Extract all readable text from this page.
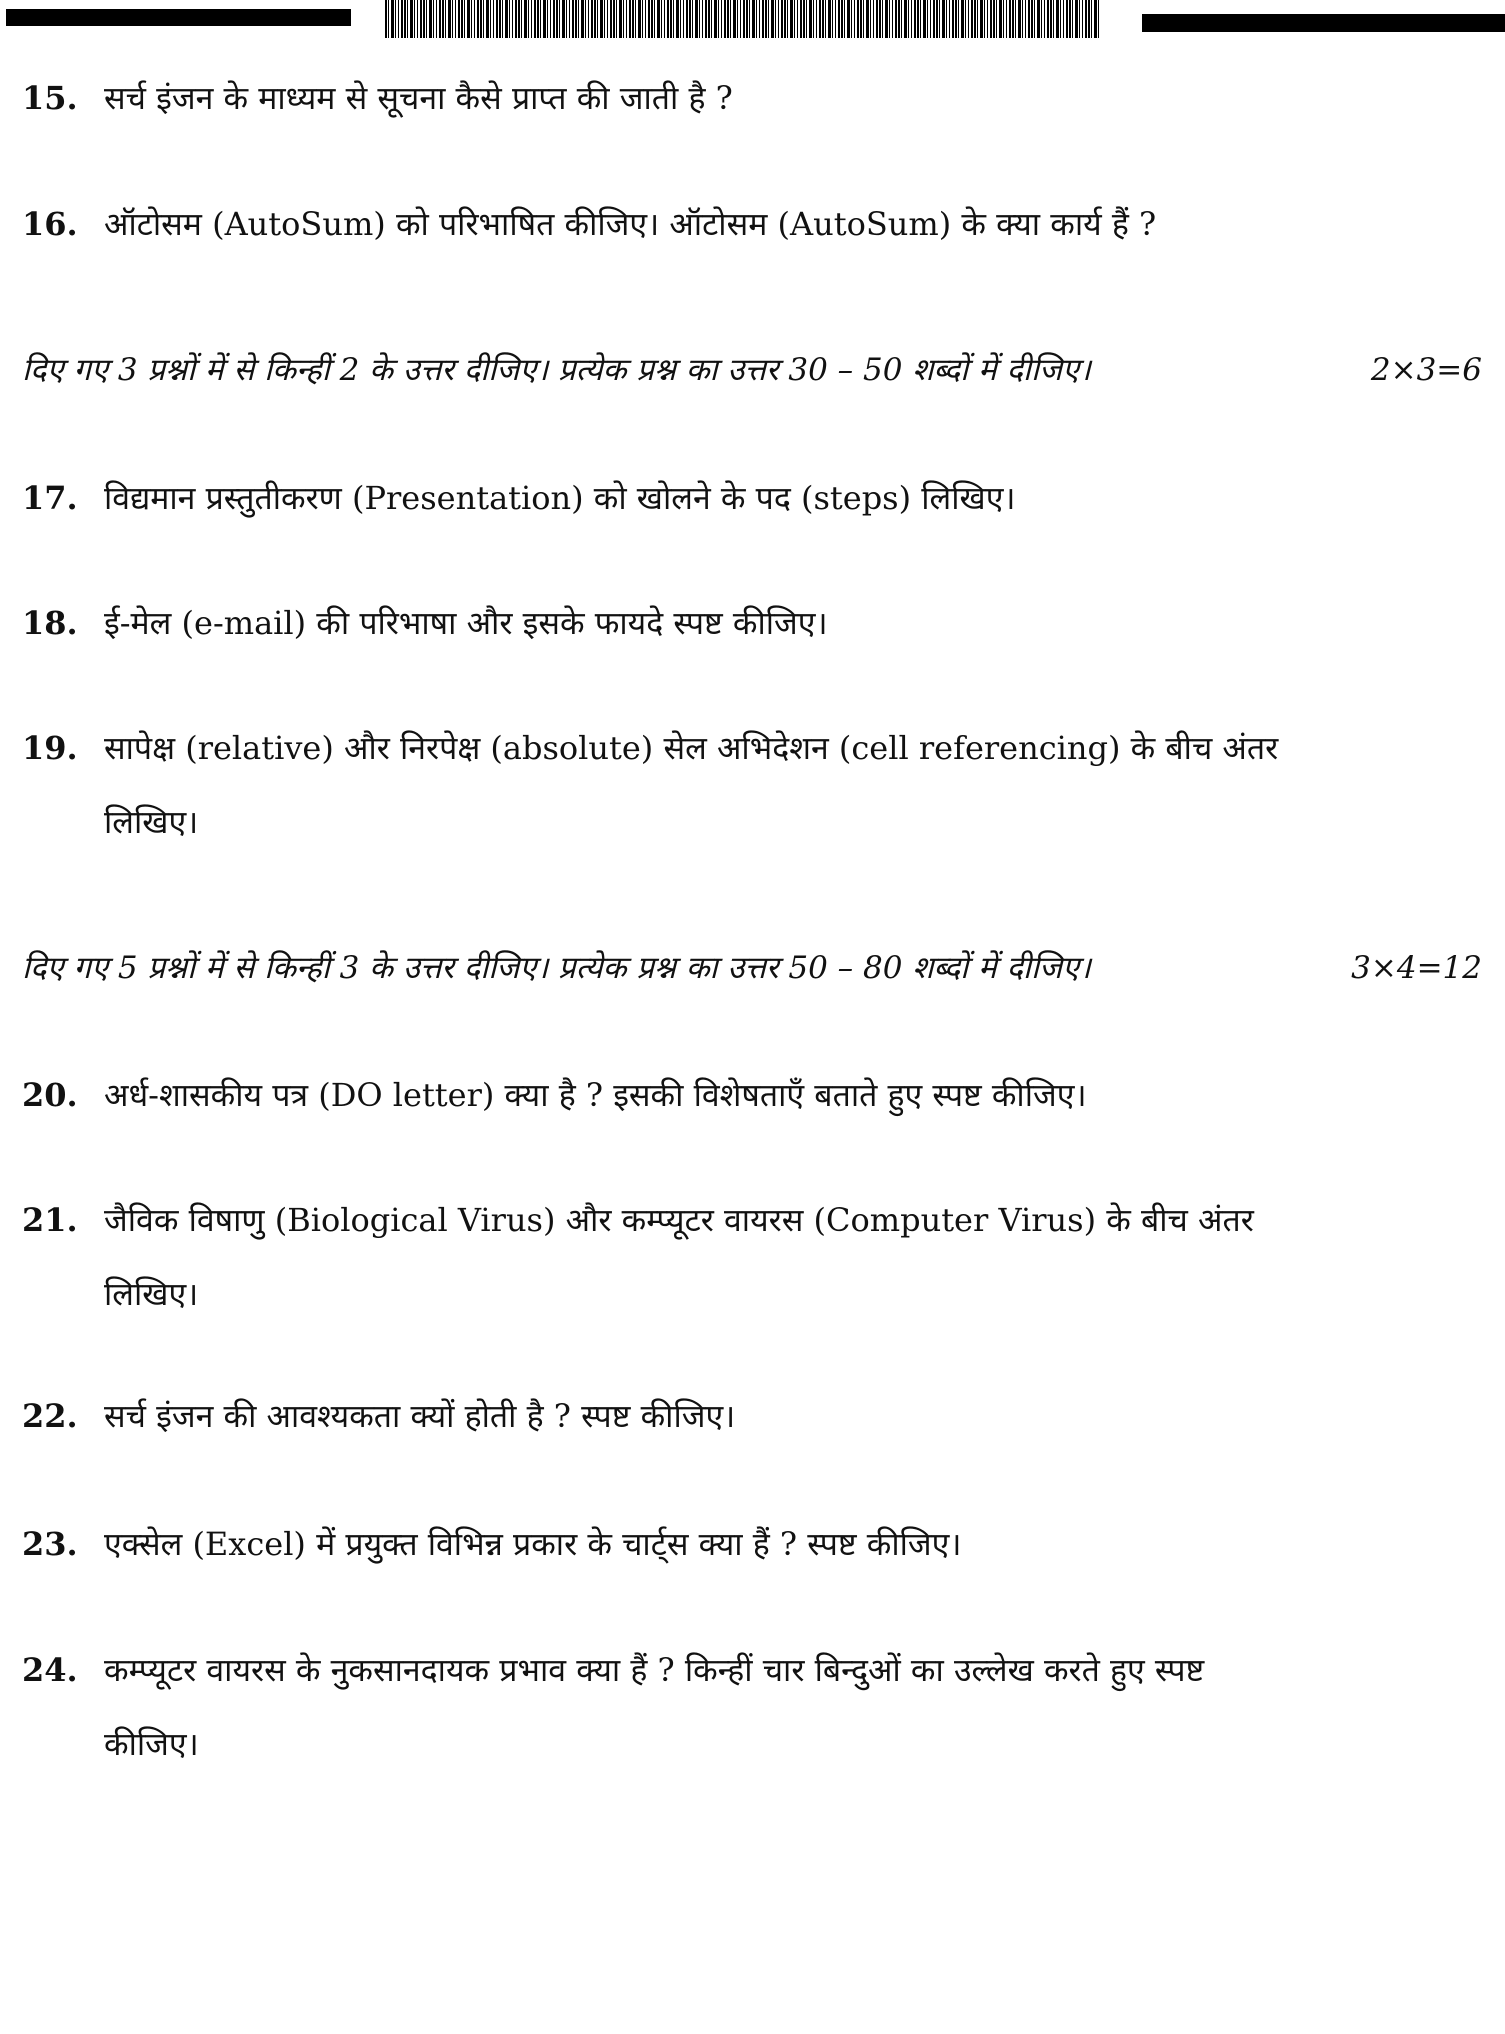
15. सर्च इंजन के माध्यम से सूचना कैसे प्राप्त की जाती है ?
16. ऑटोसम (AutoSum) को परिभाषित कीजिए। ऑटोसम (AutoSum) के क्या कार्य हैं ?
दिए गए 3 प्रश्नों में से किन्हीं 2 के उत्तर दीजिए। प्रत्येक प्रश्न का उत्तर 30 – 50 शब्दों में दीजिए।	2×3=6
17. विद्यमान प्रस्तुतीकरण (Presentation) को खोलने के पद (steps) लिखिए।
18. ई-मेल (e-mail) की परिभाषा और इसके फायदे स्पष्ट कीजिए।
19. सापेक्ष (relative) और निरपेक्ष (absolute) सेल अभिदेशन (cell referencing) के बीच अंतर
लिखिए।
दिए गए 5 प्रश्नों में से किन्हीं 3 के उत्तर दीजिए। प्रत्येक प्रश्न का उत्तर 50 – 80 शब्दों में दीजिए।	3×4=12
20. अर्ध-शासकीय पत्र (DO letter) क्या है ? इसकी विशेषताएँ बताते हुए स्पष्ट कीजिए।
21. जैविक विषाणु (Biological Virus) और कम्प्यूटर वायरस (Computer Virus) के बीच अंतर
लिखिए।
22. सर्च इंजन की आवश्यकता क्यों होती है ? स्पष्ट कीजिए।
23. एक्सेल (Excel) में प्रयुक्त विभिन्न प्रकार के चार्ट्स क्या हैं ? स्पष्ट कीजिए।
24. कम्प्यूटर वायरस के नुकसानदायक प्रभाव क्या हैं ? किन्हीं चार बिन्दुओं का उल्लेख करते हुए स्पष्ट
कीजिए।
